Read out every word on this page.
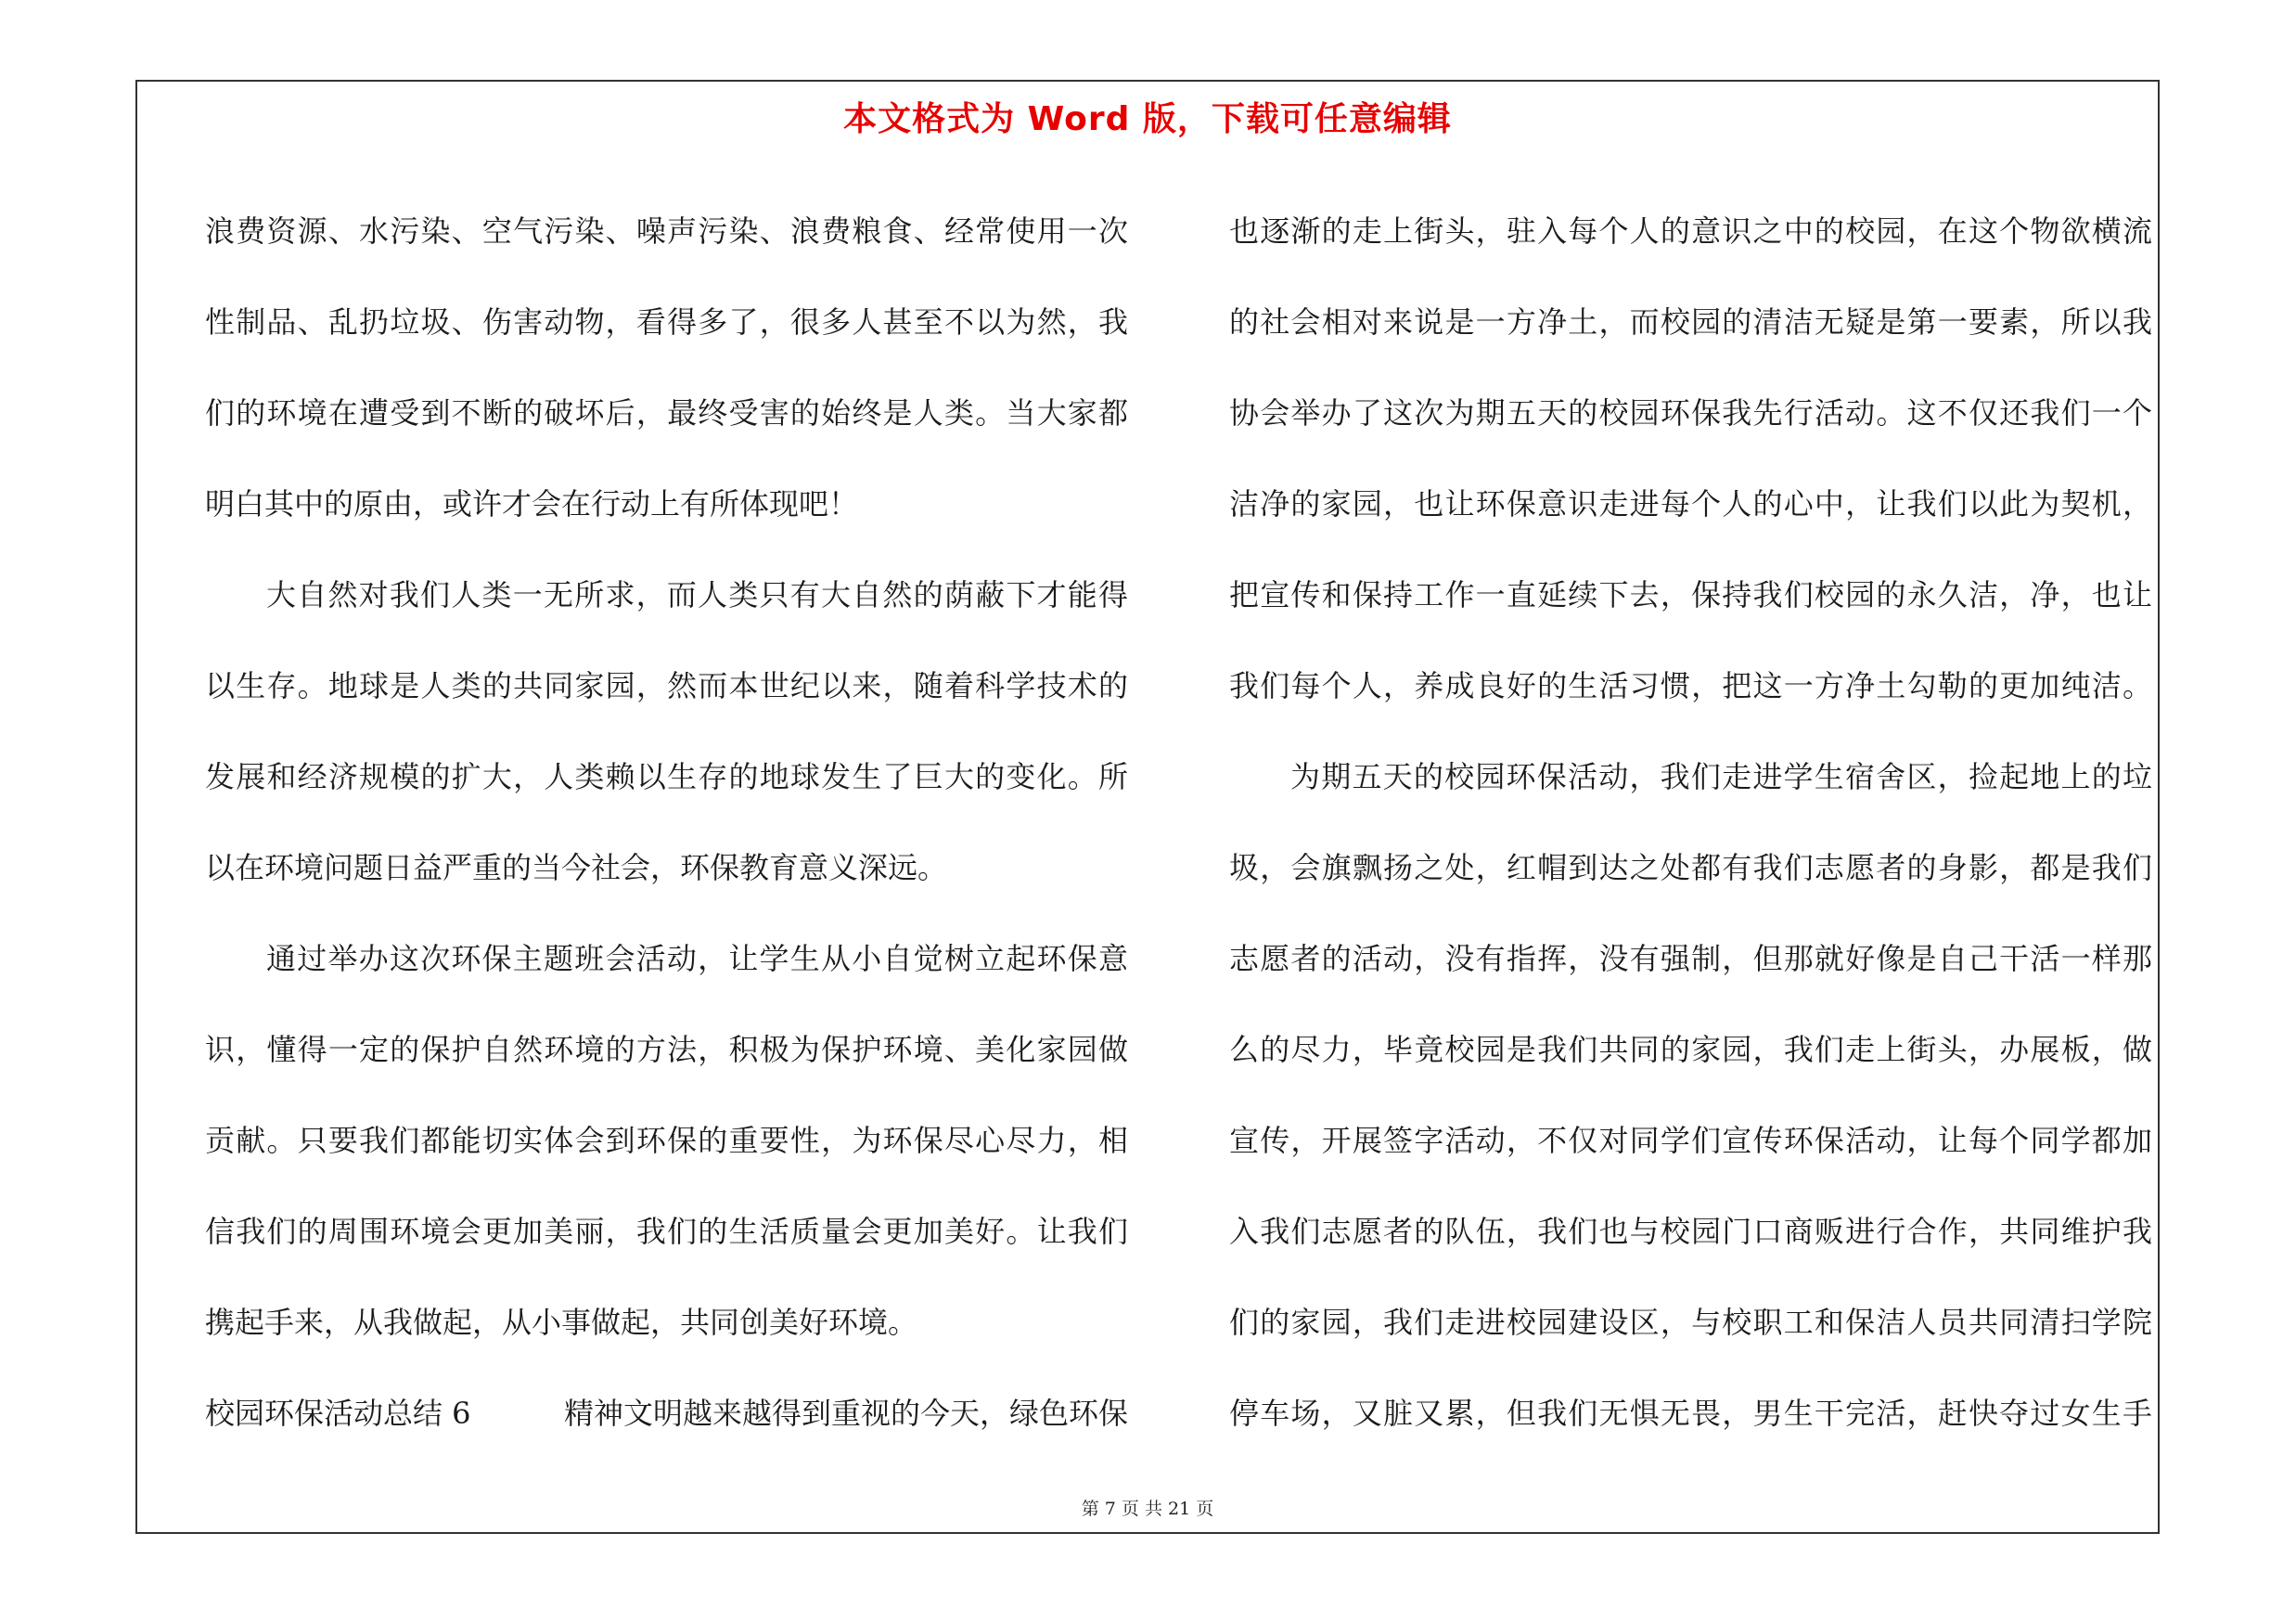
本文格式为 Word 版，下载可任意编辑

浪费资源、水污染、空气污染、噪声污染、浪费粮食、经常使用一次
性制品、乱扔垃圾、伤害动物，看得多了，很多人甚至不以为然，我
们的环境在遭受到不断的破坏后，最终受害的始终是人类。当大家都
明白其中的原由，或许才会在行动上有所体现吧！
大自然对我们人类一无所求，而人类只有大自然的荫蔽下才能得
以生存。地球是人类的共同家园，然而本世纪以来，随着科学技术的
发展和经济规模的扩大，人类赖以生存的地球发生了巨大的变化。所
以在环境问题日益严重的当今社会，环保教育意义深远。
通过举办这次环保主题班会活动，让学生从小自觉树立起环保意
识，懂得一定的保护自然环境的方法，积极为保护环境、美化家园做
贡献。只要我们都能切实体会到环保的重要性，为环保尽心尽力，相
信我们的周围环境会更加美丽，我们的生活质量会更加美好。让我们
携起手来，从我做起，从小事做起，共同创美好环境。
校园环保活动总结 6	精神文明越来越得到重视的今天，绿色环保
也逐渐的走上街头，驻入每个人的意识之中的校园，在这个物欲横流
的社会相对来说是一方净土，而校园的清洁无疑是第一要素，所以我
协会举办了这次为期五天的校园环保我先行活动。这不仅还我们一个
洁净的家园，也让环保意识走进每个人的心中，让我们以此为契机，
把宣传和保持工作一直延续下去，保持我们校园的永久洁，净，也让
我们每个人，养成良好的生活习惯，把这一方净土勾勒的更加纯洁。
为期五天的校园环保活动，我们走进学生宿舍区，捡起地上的垃
圾，会旗飘扬之处，红帽到达之处都有我们志愿者的身影，都是我们
志愿者的活动，没有指挥，没有强制，但那就好像是自己干活一样那
么的尽力，毕竟校园是我们共同的家园，我们走上街头，办展板，做
宣传，开展签字活动，不仅对同学们宣传环保活动，让每个同学都加
入我们志愿者的队伍，我们也与校园门口商贩进行合作，共同维护我
们的家园，我们走进校园建设区，与校职工和保洁人员共同清扫学院
停车场，又脏又累，但我们无惧无畏，男生干完活，赶快夺过女生手

第 7 页 共 21 页
